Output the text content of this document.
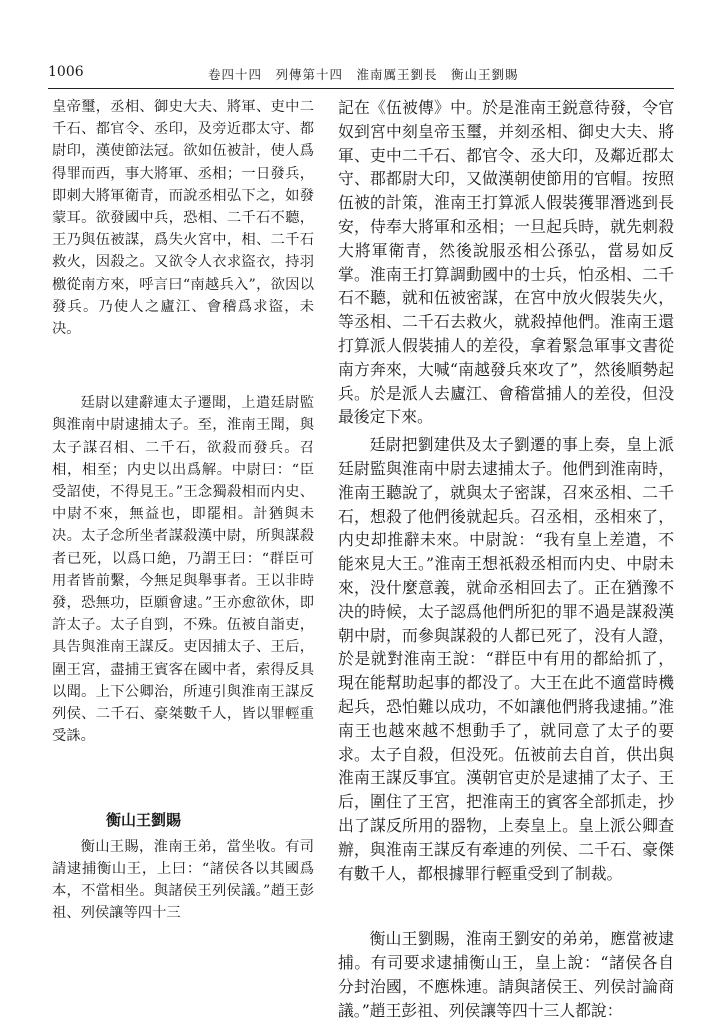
1006	卷四十四　列傳第十四　淮南厲王劉長　衡山王劉賜

皇帝璽，丞相、御史大夫、將軍、吏中二千石、都官令、丞印，及旁近郡太守、都尉印，漢使節法冠。欲如伍被計，使人爲得罪而西，事大將軍、丞相；一日發兵，即刺大將軍衛青，而說丞相弘下之，如發蒙耳。欲發國中兵，恐相、二千石不聽，王乃與伍被謀，爲失火宮中，相、二千石救火，因殺之。又欲令人衣求盜衣，持羽檄從南方來，呼言曰“南越兵入”，欲因以發兵。乃使人之廬江、會稽爲求盜，未决。

廷尉以建辭連太子遷聞，上遣廷尉監與淮南中尉逮捕太子。至，淮南王聞，與太子謀召相、二千石，欲殺而發兵。召相，相至；内史以出爲解。中尉曰：“臣受詔使，不得見王。”王念獨殺相而内史、中尉不來，無益也，即罷相。計猶與未决。太子念所坐者謀殺漢中尉，所與謀殺者已死，以爲口絶，乃謂王曰：“群臣可用者皆前繫，今無足與舉事者。王以非時發，恐無功，臣願會逮。”王亦愈欲休，即許太子。太子自剄，不殊。伍被自詣吏，具告與淮南王謀反。吏因捕太子、王后，圍王宮，盡捕王賓客在國中者，索得反具以聞。上下公卿治，所連引與淮南王謀反列侯、二千石、豪桀數千人，皆以罪輕重受誅。

衡山王劉賜

衡山王賜，淮南王弟，當坐收。有司請逮捕衡山王，上曰：“諸侯各以其國爲本，不當相坐。與諸侯王列侯議。”趙王彭祖、列侯讓等四十三

記在《伍被傳》中。於是淮南王鋭意待發，令官奴到宮中刻皇帝玉璽，并刻丞相、御史大夫、將軍、吏中二千石、都官令、丞大印，及鄰近郡太守、郡都尉大印，又做漢朝使節用的官帽。按照伍被的計策，淮南王打算派人假裝獲罪潛逃到長安，侍奉大將軍和丞相；一旦起兵時，就先刺殺大將軍衛青，然後說服丞相公孫弘，當易如反掌。淮南王打算調動國中的士兵，怕丞相、二千石不聽，就和伍被密謀，在宮中放火假裝失火，等丞相、二千石去救火，就殺掉他們。淮南王還打算派人假裝捕人的差役，拿着緊急軍事文書從南方奔來，大喊“南越發兵來攻了”，然後順勢起兵。於是派人去廬江、會稽當捕人的差役，但没最後定下來。

廷尉把劉建供及太子劉遷的事上奏，皇上派廷尉監與淮南中尉去逮捕太子。他們到淮南時，淮南王聽說了，就與太子密謀，召來丞相、二千石，想殺了他們後就起兵。召丞相，丞相來了，内史却推辭未來。中尉說：“我有皇上差遣，不能來見大王。”淮南王想祇殺丞相而内史、中尉未來，没什麼意義，就命丞相回去了。正在猶豫不决的時候，太子認爲他們所犯的罪不過是謀殺漢朝中尉，而參與謀殺的人都已死了，没有人證，於是就對淮南王說：“群臣中有用的都給抓了，現在能幫助起事的都没了。大王在此不適當時機起兵，恐怕難以成功，不如讓他們將我逮捕。”淮南王也越來越不想動手了，就同意了太子的要求。太子自殺，但没死。伍被前去自首，供出與淮南王謀反事宜。漢朝官吏於是逮捕了太子、王后，圍住了王宮，把淮南王的賓客全部抓走，抄出了謀反所用的器物，上奏皇上。皇上派公卿查辦，與淮南王謀反有牽連的列侯、二千石、豪傑有數千人，都根據罪行輕重受到了制裁。

衡山王劉賜，淮南王劉安的弟弟，應當被逮捕。有司要求逮捕衡山王，皇上說：“諸侯各自分封治國，不應株連。請與諸侯王、列侯討論商議。”趙王彭祖、列侯讓等四十三人都說：
